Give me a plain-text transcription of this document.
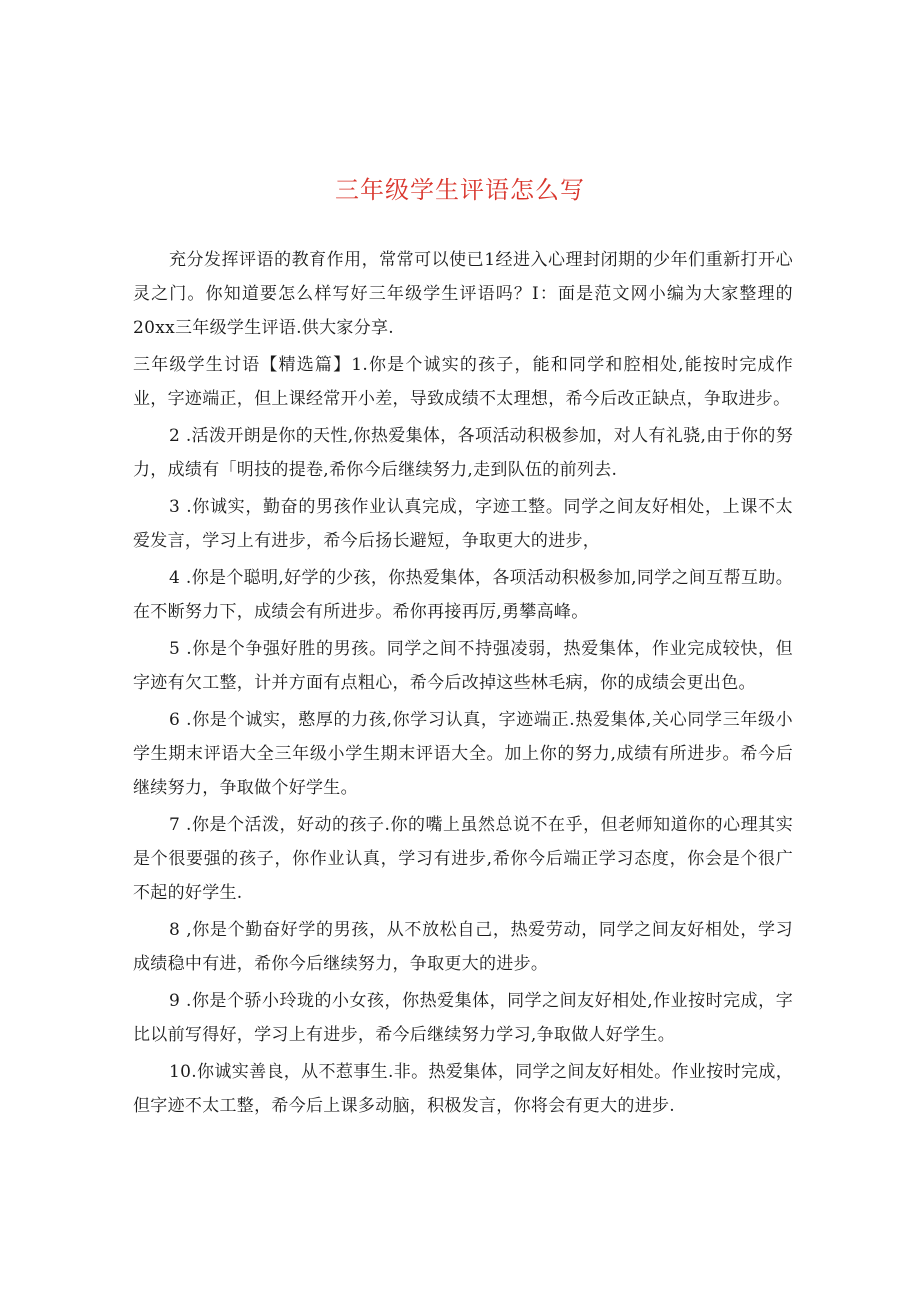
三年级学生评语怎么写

充分发挥评语的教育作用，常常可以使已1经进入心理封闭期的少年们重新打开心灵之门。你知道要怎么样写好三年级学生评语吗？I：面是范文网小编为大家整理的20xx三年级学生评语.供大家分享.

三年级学生讨语【精选篇】1.你是个诚实的孩子，能和同学和腔相处,能按时完成作业，字迹端正，但上课经常开小差，导致成绩不太理想，希今后改正缺点，争取进步。

2 .活泼开朗是你的天性,你热爱集体，各项活动积极参加，对人有礼骁,由于你的努力，成绩有「明技的提卷,希你今后继续努力,走到队伍的前列去.

3 .你诚实，勤奋的男孩作业认真完成，字迹工整。同学之间友好相处，上课不太爱发言，学习上有进步，希今后扬长避短，争取更大的进步，

4 .你是个聪明,好学的少孩，你热爱集体，各项活动积极参加,同学之间互帮互助。在不断努力下，成绩会有所进步。希你再接再厉,勇攀高峰。

5 .你是个争强好胜的男孩。同学之间不持强凌弱，热爱集体，作业完成较快，但字迹有欠工整，计并方面有点粗心，希今后改掉这些林毛病，你的成绩会更出色。

6 .你是个诚实，憨厚的力孩,你学习认真，字迹端正.热爱集体,关心同学三年级小学生期末评语大全三年级小学生期末评语大全。加上你的努力,成绩有所进步。希今后继续努力，争取做个好学生。

7 .你是个活泼，好动的孩子.你的嘴上虽然总说不在乎，但老师知道你的心理其实是个很要强的孩子，你作业认真，学习有进步,希你今后端正学习态度，你会是个很广不起的好学生.

8 ,你是个勤奋好学的男孩，从不放松自己，热爱劳动，同学之间友好相处，学习成绩稳中有进，希你今后继续努力，争取更大的进步。

9 .你是个骄小玲珑的小女孩，你热爱集体，同学之间友好相处,作业按时完成，字比以前写得好，学习上有进步，希今后继续努力学习,争取做人好学生。

10.你诚实善良，从不惹事生.非。热爱集体，同学之间友好相处。作业按时完成，但字迹不太工整，希今后上课多动脑，积极发言，你将会有更大的进步.
